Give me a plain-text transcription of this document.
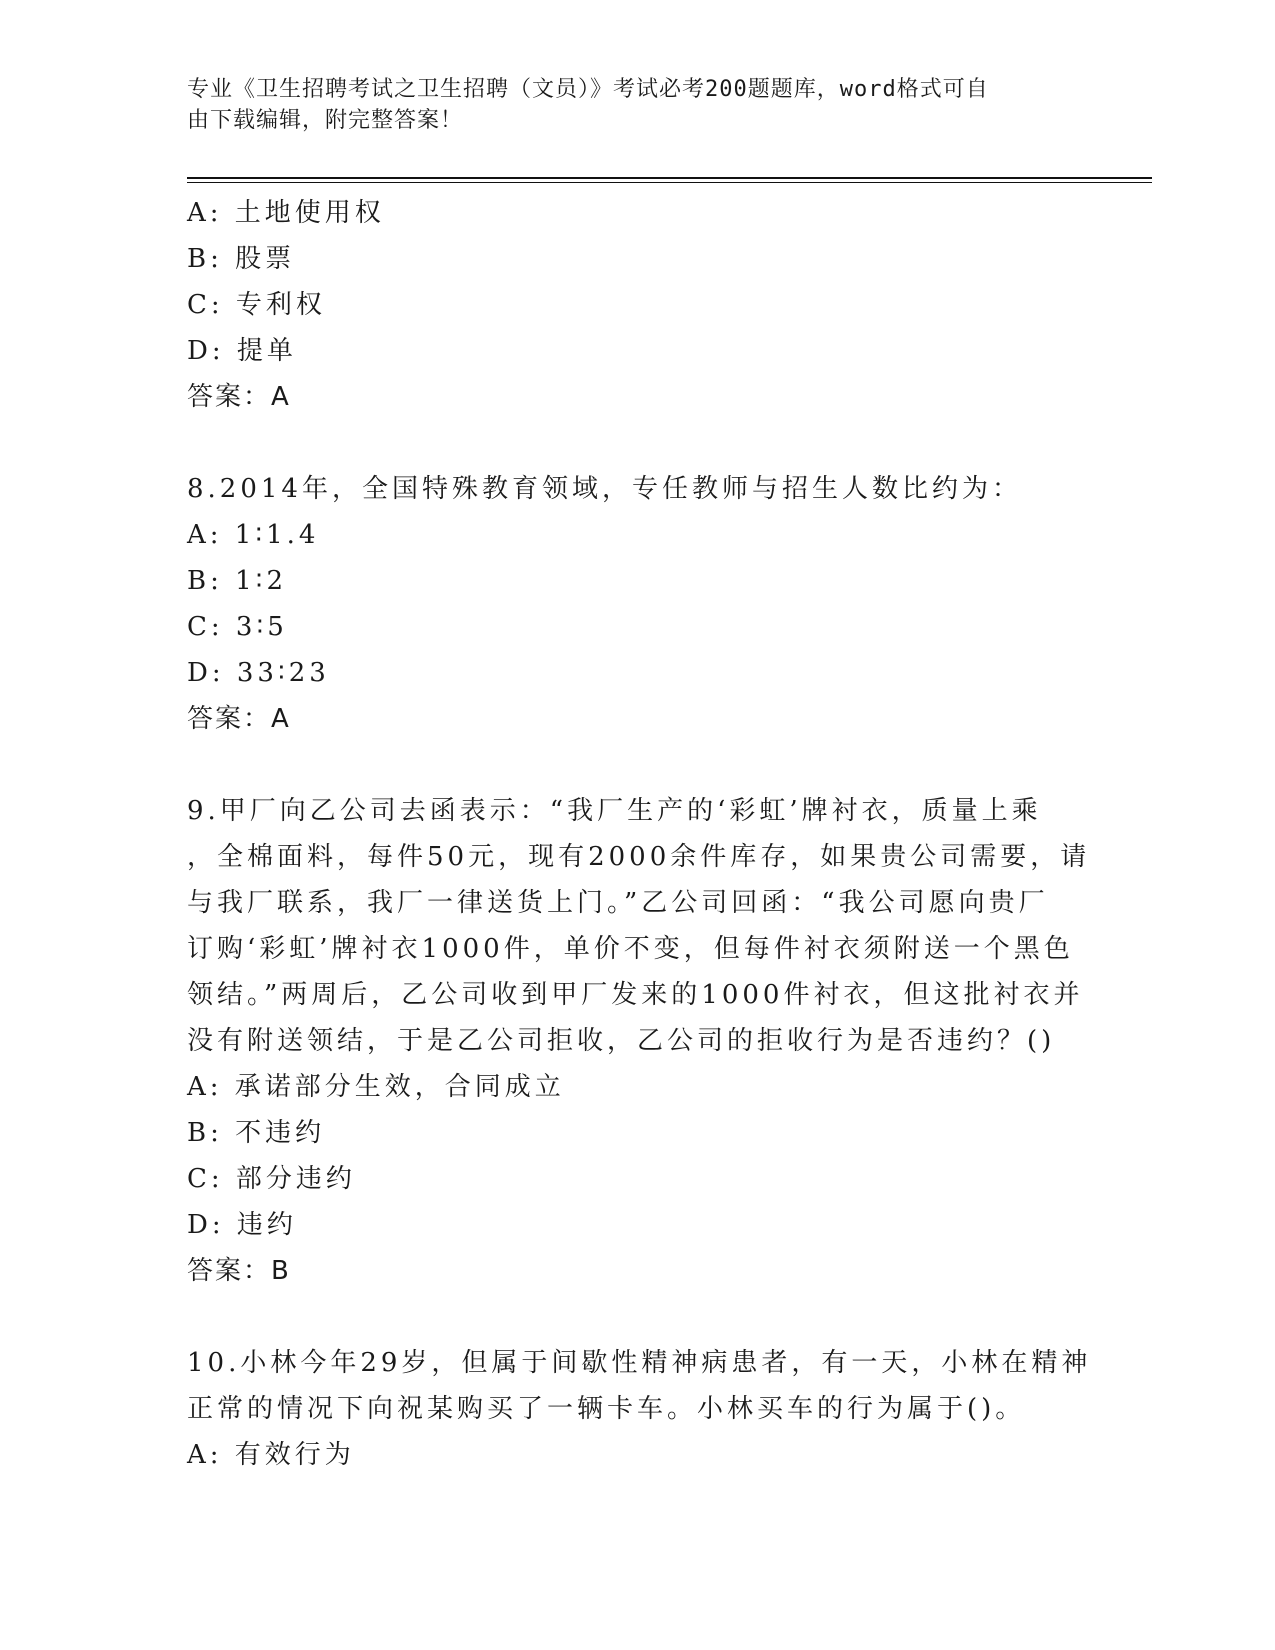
专业《卫生招聘考试之卫生招聘（文员）》考试必考200题题库，word格式可自
由下载编辑，附完整答案！
A: 土地使用权
B: 股票
C: 专利权
D: 提单
答案：A
8.2014年，全国特殊教育领域，专任教师与招生人数比约为：
A: 1∶1.4
B: 1∶2
C: 3∶5
D: 33∶23
答案：A
9.甲厂向乙公司去函表示：“我厂生产的‘彩虹’牌衬衣，质量上乘
，全棉面料，每件50元，现有2000余件库存，如果贵公司需要，请
与我厂联系，我厂一律送货上门。”乙公司回函：“我公司愿向贵厂
订购‘彩虹’牌衬衣1000件，单价不变，但每件衬衣须附送一个黑色
领结。”两周后，乙公司收到甲厂发来的1000件衬衣，但这批衬衣并
没有附送领结，于是乙公司拒收，乙公司的拒收行为是否违约？()
A: 承诺部分生效，合同成立
B: 不违约
C: 部分违约
D: 违约
答案：B
10.小林今年29岁，但属于间歇性精神病患者，有一天，小林在精神
正常的情况下向祝某购买了一辆卡车。小林买车的行为属于()。
A: 有效行为
